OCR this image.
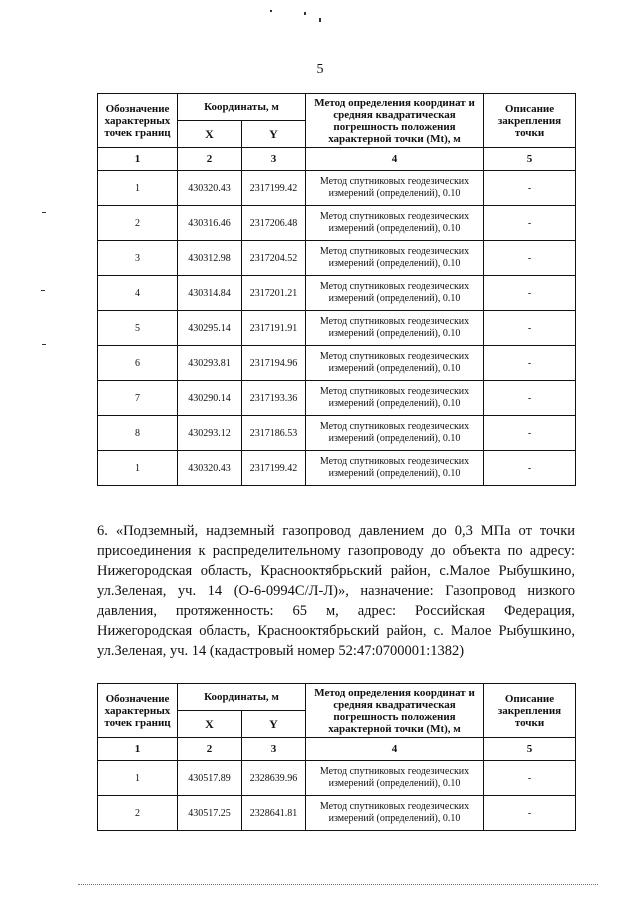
5
Обозначение характерных точек границ	Координаты, м		Метод определения координат и средняя квадратическая погрешность положения характерной точки (Mt), м	Описание закрепления точки
	X	Y		
1	2	3	4	5
1	430320.43	2317199.42	Метод спутниковых геодезических измерений (определений), 0.10	-
2	430316.46	2317206.48	Метод спутниковых геодезических измерений (определений), 0.10	-
3	430312.98	2317204.52	Метод спутниковых геодезических измерений (определений), 0.10	-
4	430314.84	2317201.21	Метод спутниковых геодезических измерений (определений), 0.10	-
5	430295.14	2317191.91	Метод спутниковых геодезических измерений (определений), 0.10	-
6	430293.81	2317194.96	Метод спутниковых геодезических измерений (определений), 0.10	-
7	430290.14	2317193.36	Метод спутниковых геодезических измерений (определений), 0.10	-
8	430293.12	2317186.53	Метод спутниковых геодезических измерений (определений), 0.10	-
1	430320.43	2317199.42	Метод спутниковых геодезических измерений (определений), 0.10	-
6. «Подземный, надземный газопровод давлением до 0,3 МПа от точки присоединения к распределительному газопроводу до объекта по адресу: Нижегородская область, Краснооктябрьский район, с.Малое Рыбушкино, ул.Зеленая, уч. 14 (О-6-0994С/Л-Л)», назначение: Газопровод низкого давления, протяженность: 65 м, адрес: Российская Федерация, Нижегородская область, Краснооктябрьский район, с. Малое Рыбушкино, ул.Зеленая, уч. 14 (кадастровый номер 52:47:0700001:1382)
Обозначение характерных точек границ	Координаты, м		Метод определения координат и средняя квадратическая погрешность положения характерной точки (Mt), м	Описание закрепления точки
	X	Y		
1	2	3	4	5
1	430517.89	2328639.96	Метод спутниковых геодезических измерений (определений), 0.10	-
2	430517.25	2328641.81	Метод спутниковых геодезических измерений (определений), 0.10	-
